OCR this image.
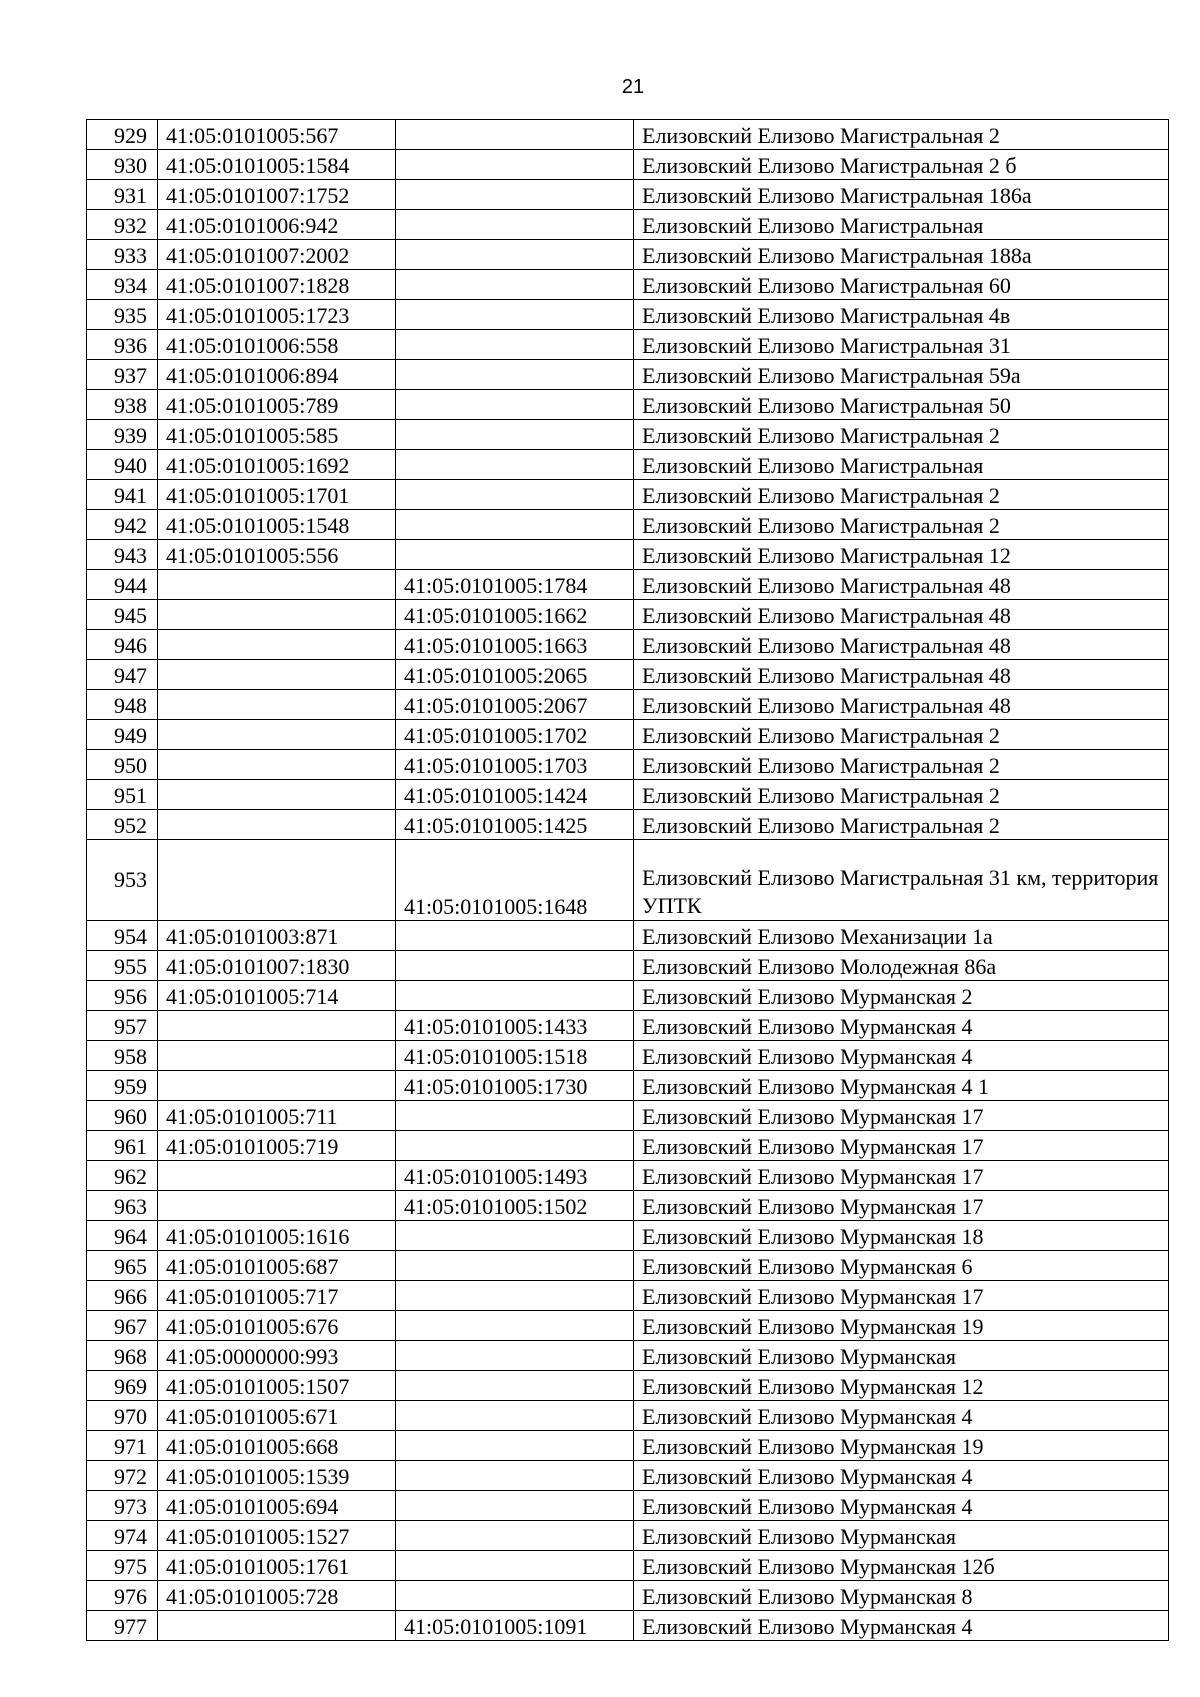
21
929	41:05:0101005:567		Елизовский Елизово Магистральная 2
930	41:05:0101005:1584		Елизовский Елизово Магистральная 2 б
931	41:05:0101007:1752		Елизовский Елизово Магистральная 186а
932	41:05:0101006:942		Елизовский Елизово Магистральная
933	41:05:0101007:2002		Елизовский Елизово Магистральная 188а
934	41:05:0101007:1828		Елизовский Елизово Магистральная 60
935	41:05:0101005:1723		Елизовский Елизово Магистральная 4в
936	41:05:0101006:558		Елизовский Елизово Магистральная 31
937	41:05:0101006:894		Елизовский Елизово Магистральная 59а
938	41:05:0101005:789		Елизовский Елизово Магистральная 50
939	41:05:0101005:585		Елизовский Елизово Магистральная 2
940	41:05:0101005:1692		Елизовский Елизово Магистральная
941	41:05:0101005:1701		Елизовский Елизово Магистральная 2
942	41:05:0101005:1548		Елизовский Елизово Магистральная 2
943	41:05:0101005:556		Елизовский Елизово Магистральная 12
944		41:05:0101005:1784	Елизовский Елизово Магистральная 48
945		41:05:0101005:1662	Елизовский Елизово Магистральная 48
946		41:05:0101005:1663	Елизовский Елизово Магистральная 48
947		41:05:0101005:2065	Елизовский Елизово Магистральная 48
948		41:05:0101005:2067	Елизовский Елизово Магистральная 48
949		41:05:0101005:1702	Елизовский Елизово Магистральная 2
950		41:05:0101005:1703	Елизовский Елизово Магистральная 2
951		41:05:0101005:1424	Елизовский Елизово Магистральная 2
952		41:05:0101005:1425	Елизовский Елизово Магистральная 2
953		41:05:0101005:1648	Елизовский Елизово Магистральная 31 км, территория УПТК
954	41:05:0101003:871		Елизовский Елизово Механизации 1а
955	41:05:0101007:1830		Елизовский Елизово Молодежная 86а
956	41:05:0101005:714		Елизовский Елизово Мурманская 2
957		41:05:0101005:1433	Елизовский Елизово Мурманская 4
958		41:05:0101005:1518	Елизовский Елизово Мурманская 4
959		41:05:0101005:1730	Елизовский Елизово Мурманская 4 1
960	41:05:0101005:711		Елизовский Елизово Мурманская 17
961	41:05:0101005:719		Елизовский Елизово Мурманская 17
962		41:05:0101005:1493	Елизовский Елизово Мурманская 17
963		41:05:0101005:1502	Елизовский Елизово Мурманская 17
964	41:05:0101005:1616		Елизовский Елизово Мурманская 18
965	41:05:0101005:687		Елизовский Елизово Мурманская 6
966	41:05:0101005:717		Елизовский Елизово Мурманская 17
967	41:05:0101005:676		Елизовский Елизово Мурманская 19
968	41:05:0000000:993		Елизовский Елизово Мурманская
969	41:05:0101005:1507		Елизовский Елизово Мурманская 12
970	41:05:0101005:671		Елизовский Елизово Мурманская 4
971	41:05:0101005:668		Елизовский Елизово Мурманская 19
972	41:05:0101005:1539		Елизовский Елизово Мурманская 4
973	41:05:0101005:694		Елизовский Елизово Мурманская 4
974	41:05:0101005:1527		Елизовский Елизово Мурманская
975	41:05:0101005:1761		Елизовский Елизово Мурманская 12б
976	41:05:0101005:728		Елизовский Елизово Мурманская 8
977		41:05:0101005:1091	Елизовский Елизово Мурманская 4
